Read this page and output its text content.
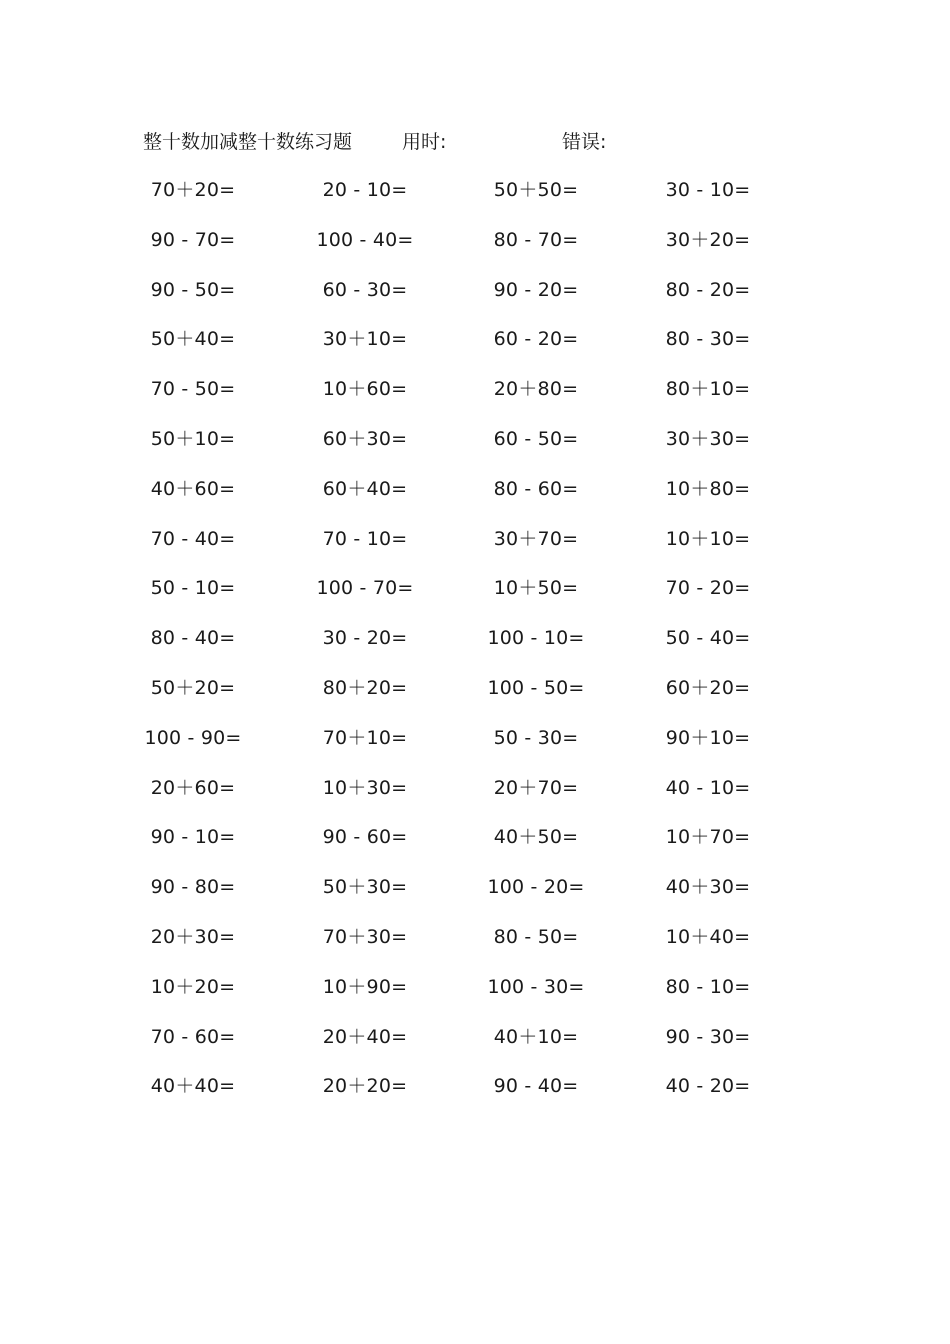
整十数加减整十数练习题	用时:	错误:
70＋20=	20 - 10=	50＋50=	30 - 10=
90 - 70=	100 - 40=	80 - 70=	30＋20=
90 - 50=	60 - 30=	90 - 20=	80 - 20=
50＋40=	30＋10=	60 - 20=	80 - 30=
70 - 50=	10＋60=	20＋80=	80＋10=
50＋10=	60＋30=	60 - 50=	30＋30=
40＋60=	60＋40=	80 - 60=	10＋80=
70 - 40=	70 - 10=	30＋70=	10＋10=
50 - 10=	100 - 70=	10＋50=	70 - 20=
80 - 40=	30 - 20=	100 - 10=	50 - 40=
50＋20=	80＋20=	100 - 50=	60＋20=
100 - 90=	70＋10=	50 - 30=	90＋10=
20＋60=	10＋30=	20＋70=	40 - 10=
90 - 10=	90 - 60=	40＋50=	10＋70=
90 - 80=	50＋30=	100 - 20=	40＋30=
20＋30=	70＋30=	80 - 50=	10＋40=
10＋20=	10＋90=	100 - 30=	80 - 10=
70 - 60=	20＋40=	40＋10=	90 - 30=
40＋40=	20＋20=	90 - 40=	40 - 20=
